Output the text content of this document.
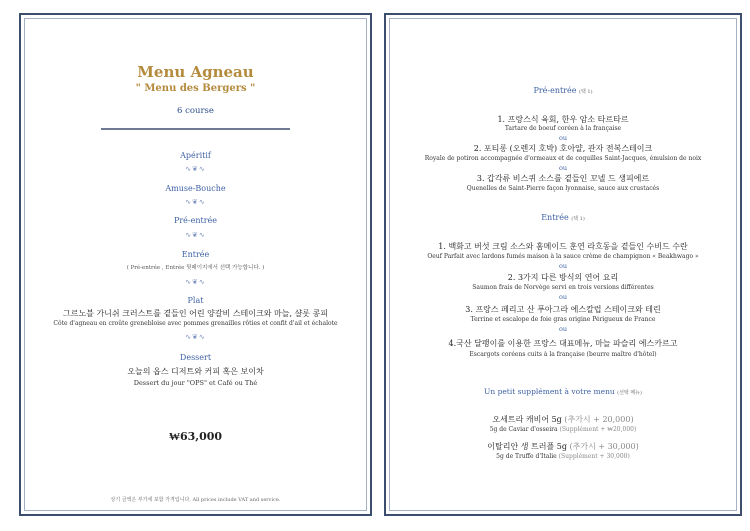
Menu Agneau
" Menu des Bergers "
6 course
Apéritif
∿❦∿
Amuse-Bouche
∿❦∿
Pré-entrée
∿❦∿
Entrée
( Pré-entrée , Entrée 뒷페이지에서 선택 가능합니다. )
∿❦∿
Plat
그르노블 가니쉬 크러스트를 곁들인 어린 양갈비 스테이크와 마늘, 샬롯 콩피
Côte d'agneau en croûte grenebloise avec pommes grenailles rôties et confit d'ail et échalote
∿❦∿
Dessert
오늘의 옵스 디저트와 커피 혹은 보이차
Dessert du jour "OPS" et Café ou Thé
₩63,000
상기 금액은 부가세 포함 가격입니다. All prices include VAT and service.
Pré-entrée (택 1)
1. 프랑스식 육회, 한우 암소 타르타르
Tartare de boeuf coréen à la française
ou
2. 포티롱 (오렌지 호박) 호아얄, 관자 전복스테이크
Royale de potiron accompagnée d'ormeaux et de coquilles Saint-Jacques, émulsion de noix
ou
3. 갑각류 비스퀴 소스를 곁들인 꼬넬 드 생피에르
Quenelles de Saint-Pierre façon lyonnaise, sauce aux crustacés
Entrée (택 1)
1. 백화고 버섯 크림 소스와 홈메이드 훈연 라흐동을 곁들인 수비드 수란
Oeuf Parfait avec lardons fumés maison à la sauce crème de champignon « Beakhwago »
ou
2. 3가지 다른 방식의 연어 요리
Saumon frais de Norvège servi en trois versions différentes
ou
3. 프랑스 페리고 산 푸아그라 에스칼럽 스테이크와 테린
Terrine et escalope de foie gras origine Périgueux de France
ou
4.국산 달팽이를 이용한 프랑스 대표메뉴, 마늘 파슬리 에스카르고
Escargots coréens cuits à la française (beurre maître d'hôtel)
Un petit supplément à votre menu (선택 메뉴)
오세트라 캐비어 5g (추가시 + 20,000)
5g de Caviar d'osseira (Supplément + ₩20,000)
이탈리안 생 트러플 5g (추가시 + 30,000)
5g de Truffe d'Italie (Supplément + 30,000)
